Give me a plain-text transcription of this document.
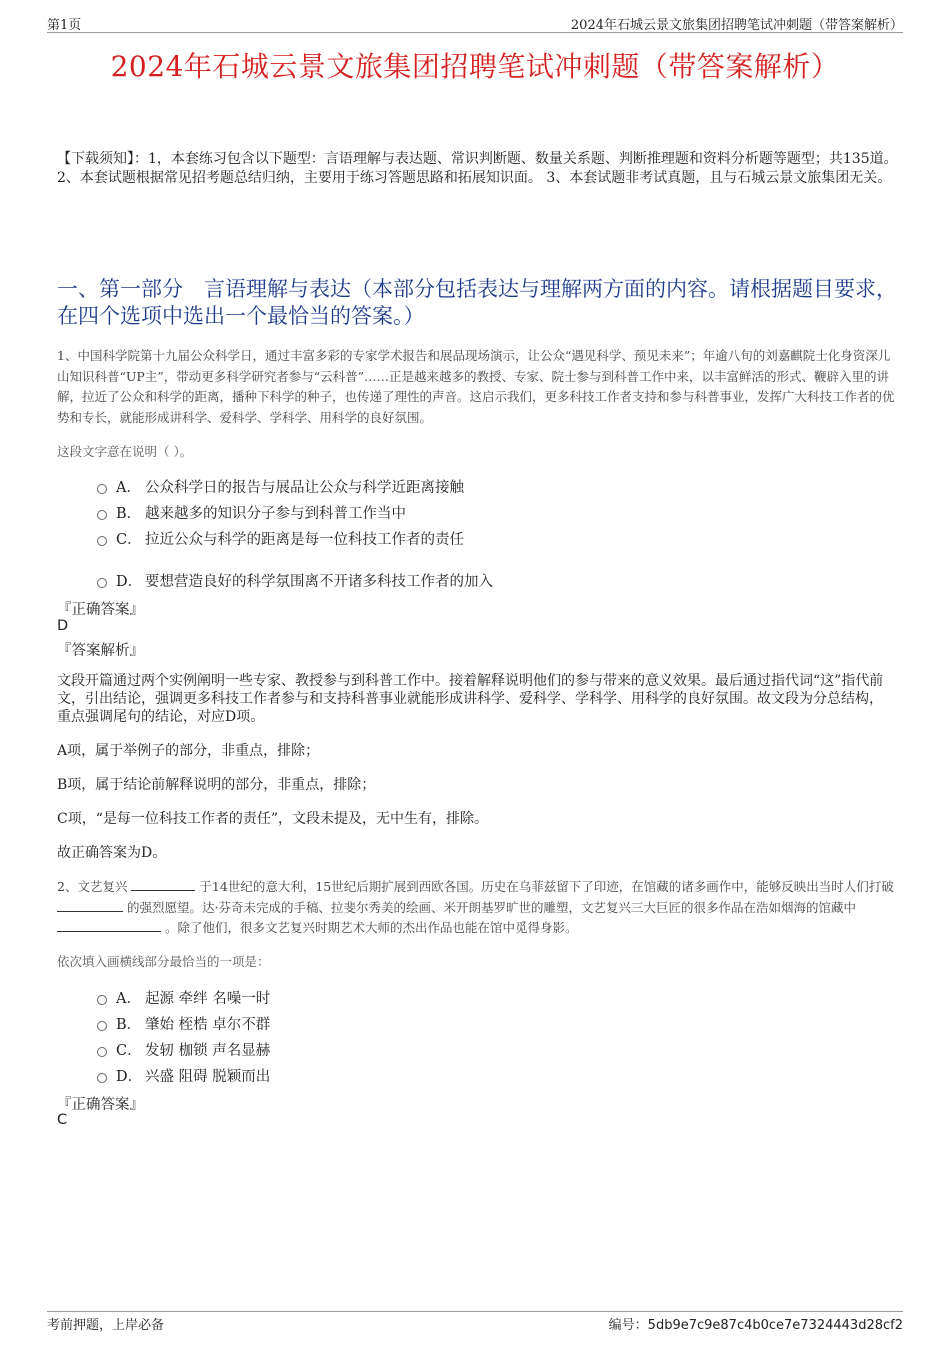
第1页	2024年石城云景文旅集团招聘笔试冲刺题（带答案解析）
2024年石城云景文旅集团招聘笔试冲刺题（带答案解析）
【下载须知】：1，本套练习包含以下题型：言语理解与表达题、常识判断题、数量关系题、判断推理题和资料分析题等题型；共135道。 2、本套试题根据常见招考题总结归纳，主要用于练习答题思路和拓展知识面。 3、本套试题非考试真题，且与石城云景文旅集团无关。
一、第一部分　言语理解与表达（本部分包括表达与理解两方面的内容。请根据题目要求，在四个选项中选出一个最恰当的答案。）
1、中国科学院第十九届公众科学日，通过丰富多彩的专家学术报告和展品现场演示，让公众“遇见科学、预见未来”；年逾八旬的刘嘉麒院士化身资深儿山知识科普“UP主”，带动更多科学研究者参与“云科普”……正是越来越多的教授、专家、院士参与到科普工作中来，以丰富鲜活的形式、鞭辟入里的讲解，拉近了公众和科学的距离，播种下科学的种子，也传递了理性的声音。这启示我们，更多科技工作者支持和参与科普事业，发挥广大科技工作者的优势和专长，就能形成讲科学、爱科学、学科学、用科学的良好氛围。
这段文字意在说明（ ）。
A． 公众科学日的报告与展品让公众与科学近距离接触
B． 越来越多的知识分子参与到科普工作当中
C． 拉近公众与科学的距离是每一位科技工作者的责任
D． 要想营造良好的科学氛围离不开诸多科技工作者的加入
『正确答案』
D
『答案解析』
文段开篇通过两个实例阐明一些专家、教授参与到科普工作中。接着解释说明他们的参与带来的意义效果。最后通过指代词“这”指代前文，引出结论，强调更多科技工作者参与和支持科普事业就能形成讲科学、爱科学、学科学、用科学的良好氛围。故文段为分总结构，重点强调尾句的结论，对应D项。
A项，属于举例子的部分，非重点，排除；
B项，属于结论前解释说明的部分，非重点，排除；
C项，“是每一位科技工作者的责任”，文段未提及，无中生有，排除。
故正确答案为D。
2、文艺复兴	于14世纪的意大利，15世纪后期扩展到西欧各国。历史在乌菲兹留下了印迹，在馆藏的诸多画作中，能够反映出当时人们打破  的强烈愿望。达·芬奇未完成的手稿、拉斐尔秀美的绘画、米开朗基罗旷世的雕塑，文艺复兴三大巨匠的很多作品在浩如烟海的馆藏中  。除了他们，很多文艺复兴时期艺术大师的杰出作品也能在馆中觅得身影。
依次填入画横线部分最恰当的一项是：
A． 起源 牵绊 名噪一时
B． 肇始 桎梏 卓尔不群
C． 发轫 枷锁 声名显赫
D． 兴盛 阻碍 脱颖而出
『正确答案』
C
考前押题，上岸必备	编号：5db9e7c9e87c4b0ce7e7324443d28cf2
